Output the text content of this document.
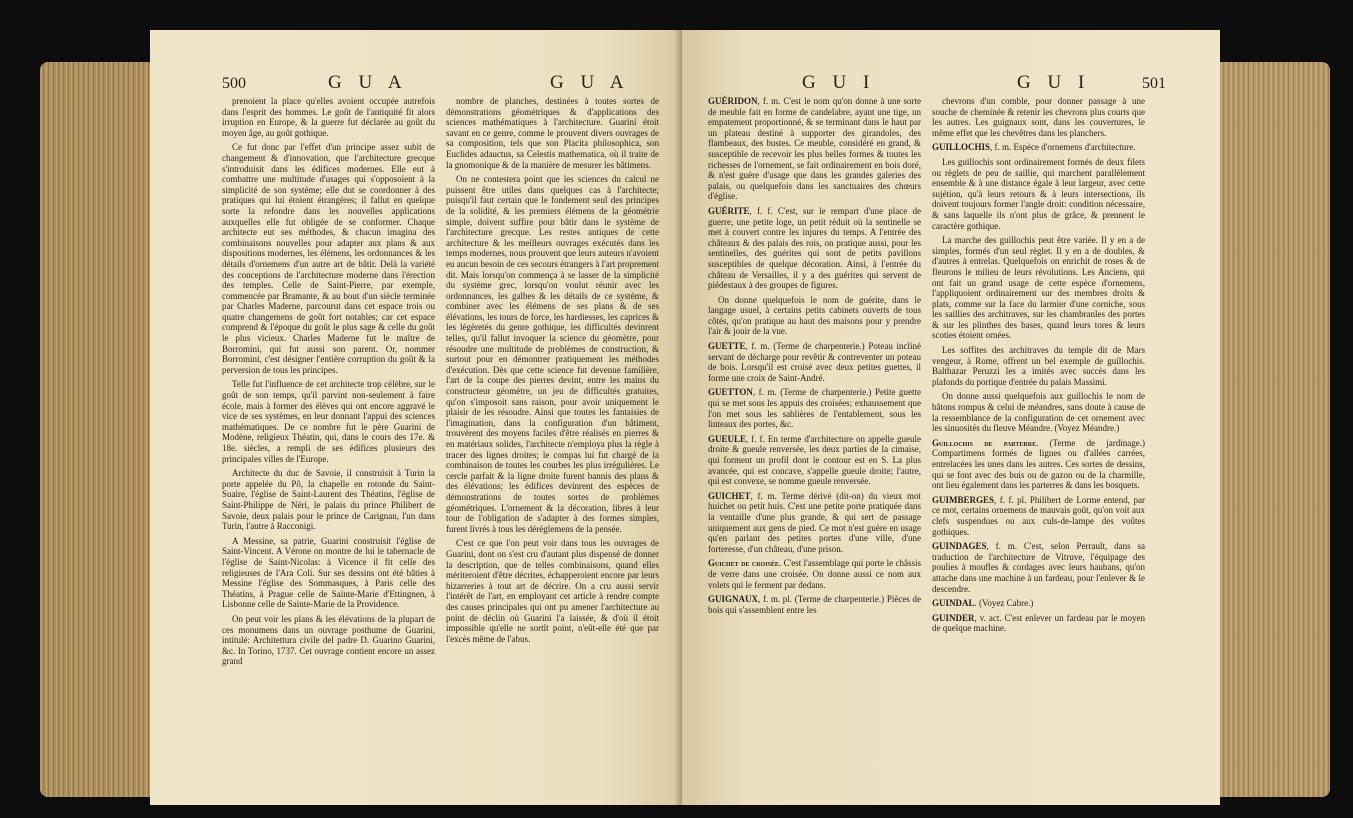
500	G U A	G U A

prenoient la place qu'elles avoient occupée autrefois dans l'esprit des hommes. Le goût de l'antiquité fit alors irruption en Europe, & la guerre fut déclarée au goût du moyen âge, au goût gothique.

Ce fut donc par l'effet d'un principe assez subit de changement & d'innovation, que l'architecture grecque s'introduisit dans les édifices modernes. Elle eut à combattre une multitude d'usages qui s'opposoient à la simplicité de son système; elle dut se coordonner à des pratiques qui lui étoient étrangères; il fallut en quelque sorte la refondre dans les nouvelles applications auxquelles elle fut obligée de se conformer. Chaque architecte eut ses méthodes, & chacun imagina des combinaisons nouvelles pour adapter aux plans & aux dispositions modernes, les élémens, les ordonnances & les détails d'ornemens d'un autre art de bâtir. Delà la variété des conceptions de l'architecture moderne dans l'érection des temples. Celle de Saint-Pierre, par exemple, commencée par Bramante, & au bout d'un siècle terminée par Charles Maderne, parcourut dans cet espace trois ou quatre changemens de goût fort notables; car cet espace comprend & l'époque du goût le plus sage & celle du goût le plus vicieux. Charles Maderne fut le maître de Borromini, qui fut aussi son parent. Or, nommer Borromini, c'est désigner l'entière corruption du goût & la perversion de tous les principes.

Telle fut l'influence de cet architecte trop célèbre, sur le goût de son temps, qu'il parvint non-seulement à faire école, mais à former des élèves qui ont encore aggravé le vice de ses systèmes, en leur donnant l'appui des sciences mathématiques. De ce nombre fut le père Guarini de Modène, religieux Théatin, qui, dans le cours des 17e. & 18e. siècles, a rempli de ses édifices plusieurs des principales villes de l'Europe.

Architecte du duc de Savoie, il construisit à Turin la porte appelée du Pô, la chapelle en rotonde du Saint-Suaire, l'église de Saint-Laurent des Théatins, l'église de Saint-Philippe de Néri, le palais du prince Philibert de Savoie, deux palais pour le prince de Carignan, l'un dans Turin, l'autre à Racconigi.

A Messine, sa patrie, Guarini construisit l'église de Saint-Vincent. A Vérone on montre de lui le tabernacle de l'église de Saint-Nicolas: à Vicence il fit celle des religieuses de l'Ara Coli. Sur ses dessins ont été bâties à Messine l'église des Sommasques, à Paris celle des Théatins, à Prague celle de Sainte-Marie d'Ettingnen, à Lisbonne celle de Sainte-Marie de la Providence.

On peut voir les plans & les élévations de la plupart de ces monumens dans un ouvrage posthume de Guarini, intitulé: Architettura civile del padre D. Guarino Guarini, &c. In Torino, 1737. Cet ouvrage contient encore un assez grand

nombre de planches, destinées à toutes sortes de démonstrations géométriques & d'applications des sciences mathématiques à l'architecture. Guarini étoit savant en ce genre, comme le prouvent divers ouvrages de sa composition, tels que son Placita philosophica, son Euclides adauctus, sa Celestis mathematica, où il traite de la gnomonique & de la manière de mesurer les bâtimens.

On ne contestera point que les sciences du calcul ne puissent être utiles dans quelques cas à l'architecte; puisqu'il faut certain que le fondement seul des principes de la solidité, & les premiers élémens de la géométrie simple, doivent suffire pour bâtir dans le système de l'architecture grecque. Les restes antiques de cette architecture & les meilleurs ouvrages exécutés dans les temps modernes, nous prouvent que leurs auteurs n'avoient eu aucun besoin de ces secours étrangers à l'art proprement dit. Mais lorsqu'on commença à se lasser de la simplicité du système grec, lorsqu'on voulut réunir avec les ordonnances, les galbes & les détails de ce système, & combiner avec les élémens de ses plans & de ses élévations, les tours de force, les hardiesses, les caprices & les légèretés du genre gothique, les difficultés devinrent telles, qu'il fallut invoquer la science du géomètre, pour résoudre une multitude de problèmes de construction, & surtout pour en démontrer pratiquement les méthodes d'exécution. Dès que cette science fut devenue familière, l'art de la coupe des pierres devint, entre les mains du constructeur géomètre, un jeu de difficultés gratuites, qu'on s'imposoit sans raison, pour avoir uniquement le plaisir de les résoudre. Ainsi que toutes les fantaisies de l'imagination, dans la configuration d'un bâtiment, trouvèrent des moyens faciles d'être réalisés en pierres & en matériaux solides, l'architecte n'employa plus la règle à tracer des lignes droites; le compas lui fut chargé de la combinaison de toutes les courbes les plus irrégulières. Le cercle parfait & la ligne droite furent bannis des plans & des élévations; les édifices devinrent des espèces de démonstrations de toutes sortes de problèmes géométriques. L'ornement & la décoration, libres à leur tour de l'obligation de s'adapter à des formes simples, furent livrés à tous les déréglemens de la pensée.

C'est ce que l'on peut voir dans tous les ouvrages de Guarini, dont on s'est cru d'autant plus dispensé de donner la description, que de telles combinaisons, quand elles mériteroient d'être décrites, échapperoient encore par leurs bizarreries à tout art de décrire. On a cru aussi servir l'intérêt de l'art, en employant cet article à rendre compte des causes principales qui ont pu amener l'architecture au point de déclin où Guarini l'a laissée, & d'où il étoit impossible qu'elle ne sortît point, n'eût-elle été que par l'excès même de l'abus.

G U I	G U I	501

GUÉRIDON, f. m. C'est le nom qu'on donne à une sorte de meuble fait en forme de candelabre, ayant une tige, un empatement proportionné, & se terminant dans le haut par un plateau destiné à supporter des girandoles, des flambeaux, des bustes. Ce meuble, considéré en grand, & susceptible de recevoir les plus belles formes & toutes les richesses de l'ornement, se fait ordinairement en bois doré, & n'est guère d'usage que dans les grandes galeries des palais, ou quelquefois dans les sanctuaires des chœurs d'église.

GUÉRITE, f. f. C'est, sur le rempart d'une place de guerre, une petite loge, un petit réduit où la sentinelle se met à couvert contre les injures du temps. A l'entrée des châteaux & des palais des rois, on pratique aussi, pour les sentinelles, des guérites qui sont de petits pavillons susceptibles de quelque décoration. Ainsi, à l'entrée du château de Versailles, il y a des guérites qui servent de piédestaux à des groupes de figures.

On donne quelquefois le nom de guérite, dans le langage usuel, à certains petits cabinets ouverts de tous côtés, qu'on pratique au haut des maisons pour y prendre l'air & jouir de la vue.

GUETTE, f. m. (Terme de charpenterie.) Poteau incliné servant de décharge pour revêtir & contreventer un poteau de bois. Lorsqu'il est croisé avec deux petites guettes, il forme une croix de Saint-André.

GUETTON, f. m. (Terme de charpenterie.) Petite guette qui se met sous les appuis des croisées; exhaussement que l'on met sous les sablières de l'entablement, sous les linteaux des portes, &c.

GUEULE, f. f. En terme d'architecture on appelle gueule droite & gueule renversée, les deux parties de la cimaise, qui forment un profil dont le contour est en S. La plus avancée, qui est concave, s'appelle gueule droite; l'autre, qui est convexe, se nomme gueule renversée.

GUICHET, f. m. Terme dérivé (dit-on) du vieux mot huichet ou petit huis. C'est une petite porte pratiquée dans la ventaille d'une plus grande, & qui sert de passage uniquement aux gens de pied. Ce mot n'est guère en usage qu'en parlant des petites portes d'une ville, d'une forteresse, d'un château, d'une prison.

Guichet de croisée. C'est l'assemblage qui porte le châssis de verre dans une croisée. On donne aussi ce nom aux volets qui le ferment par dedans.

GUIGNAUX, f. m. pl. (Terme de charpenterie.) Pièces de bois qui s'assemblent entre les

chevrons d'un comble, pour donner passage à une souche de cheminée & retenir les chevrons plus courts que les autres. Les guignaux sont, dans les couvertures, le même effet que les chevêtres dans les planchers.

GUILLOCHIS, f. m. Espèce d'ornemens d'architecture.

Les guillochis sont ordinairement formés de deux filets ou règlets de peu de saillie, qui marchent parallèlement ensemble & à une distance égale à leur largeur, avec cette sujétion, qu'à leurs retours & à leurs intersections, ils doivent toujours former l'angle droit: condition nécessaire, & sans laquelle ils n'ont plus de grâce, & prennent le caractère gothique.

La marche des guillochis peut être variée. Il y en a de simples, formés d'un seul règlet. Il y en a de doubles, & d'autres à entrelas. Quelquefois on enrichit de roses & de fleurons le milieu de leurs révolutions. Les Anciens, qui ont fait un grand usage de cette espèce d'ornemens, l'appliquoient ordinairement sur des membres droits & plats, comme sur la face du larmier d'une corniche, sous les saillies des architraves, sur les chambranles des portes & sur les plinthes des bases, quand leurs tores & leurs scoties étoient ornées.

Les soffites des architraves du temple dit de Mars vengeur, à Rome, offrent un bel exemple de guillochis. Balthazar Peruzzi les a imités avec succès dans les plafonds du portique d'entrée du palais Massimi.

On donne aussi quelquefois aux guillochis le nom de bâtons rompus & celui de méandres, sans doute à cause de la ressemblance de la configuration de cet ornement avec les sinuosités du fleuve Méandre. (Voyez Méandre.)

Guillochis de parterre. (Terme de jardinage.) Compartimens formés de lignes ou d'allées carrées, entrelacées les unes dans les autres. Ces sortes de dessins, qui se font avec des buis ou de gazon ou de la charmille, ont lieu également dans les parterres & dans les bosquets.

GUIMBERGES, f. f. pl. Philibert de Lorme entend, par ce mot, certains ornemens de mauvais goût, qu'on voit aux clefs suspendues ou aux culs-de-lampe des voûtes gothiques.

GUINDAGES, f. m. C'est, selon Perrault, dans sa traduction de l'architecture de Vitruve, l'équipage des poulies à moufles & cordages avec leurs haubans, qu'on attache dans une machine à un fardeau, pour l'enlever & le descendre.

GUINDAL. (Voyez Cabre.)

GUINDER, v. act. C'est enlever un fardeau par le moyen de quelque machine.
